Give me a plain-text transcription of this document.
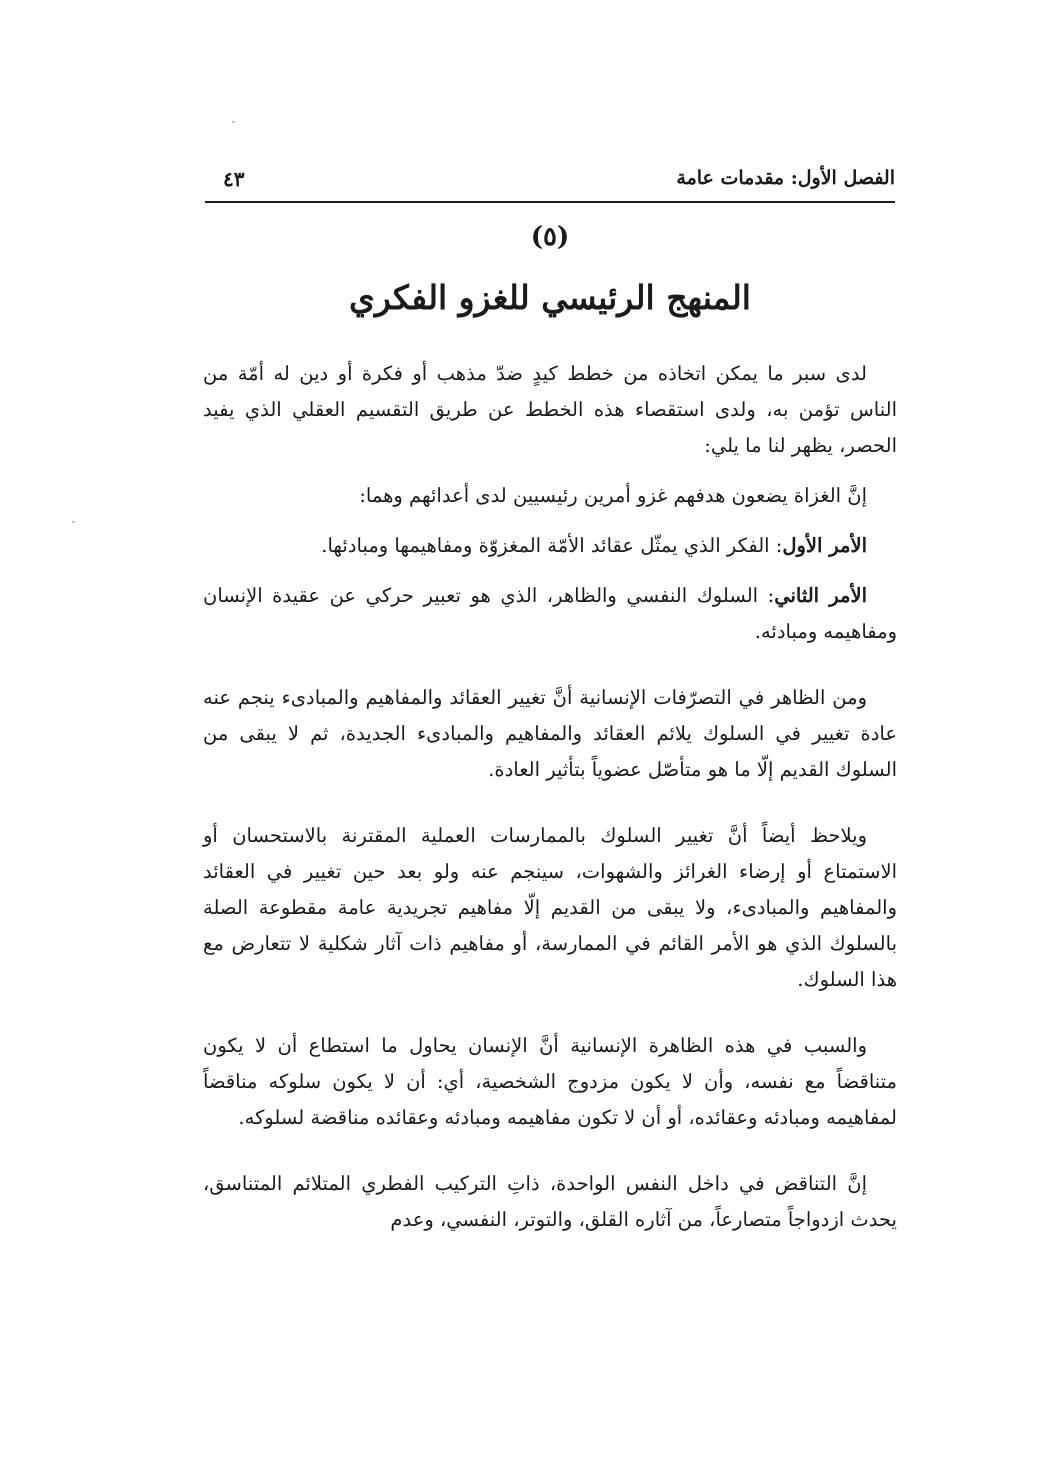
الفصل الأول: مقدمات عامة
٤٣
(٥)
المنهج الرئيسي للغزو الفكري

لدى سبر ما يمكن اتخاذه من خطط كيدٍ ضدّ مذهب أو فكرة أو دين له أمّة من الناس تؤمن به، ولدى استقصاء هذه الخطط عن طريق التقسيم العقلي الذي يفيد الحصر، يظهر لنا ما يلي:

إنَّ الغزاة يضعون هدفهم غزو أمرين رئيسيين لدى أعدائهم وهما:

الأمر الأول: الفكر الذي يمثّل عقائد الأمّة المغزوّة ومفاهيمها ومبادئها.

الأمر الثاني: السلوك النفسي والظاهر، الذي هو تعبير حركي عن عقيدة الإنسان ومفاهيمه ومبادئه.

ومن الظاهر في التصرّفات الإنسانية أنَّ تغيير العقائد والمفاهيم والمبادىء ينجم عنه عادة تغيير في السلوك يلائم العقائد والمفاهيم والمبادىء الجديدة، ثم لا يبقى من السلوك القديم إلّا ما هو متأصّل عضوياً بتأثير العادة.

ويلاحظ أيضاً أنَّ تغيير السلوك بالممارسات العملية المقترنة بالاستحسان أو الاستمتاع أو إرضاء الغرائز والشهوات، سينجم عنه ولو بعد حين تغيير في العقائد والمفاهيم والمبادىء، ولا يبقى من القديم إلّا مفاهيم تجريدية عامة مقطوعة الصلة بالسلوك الذي هو الأمر القائم في الممارسة، أو مفاهيم ذات آثار شكلية لا تتعارض مع هذا السلوك.

والسبب في هذه الظاهرة الإنسانية أنَّ الإنسان يحاول ما استطاع أن لا يكون متناقضاً مع نفسه، وأن لا يكون مزدوج الشخصية، أي: أن لا يكون سلوكه مناقضاً لمفاهيمه ومبادئه وعقائده، أو أن لا تكون مفاهيمه ومبادئه وعقائده مناقضة لسلوكه.

إنَّ التناقض في داخل النفس الواحدة، ذاتِ التركيب الفطري المتلائم المتناسق، يحدث ازدواجاً متصارعاً، من آثاره القلق، والتوتر، النفسي، وعدم
